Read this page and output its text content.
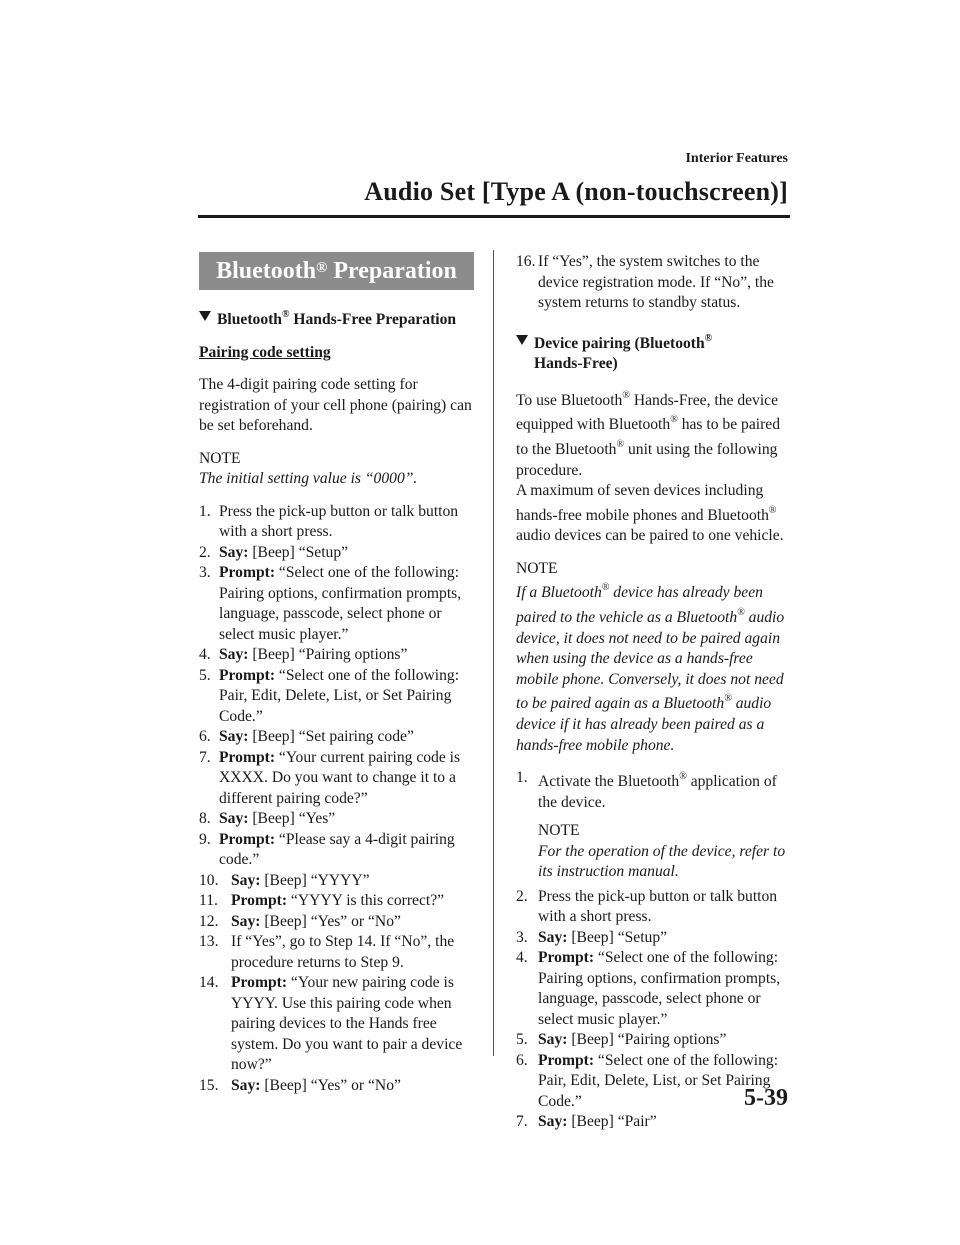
Interior Features
Audio Set [Type A (non-touchscreen)]
Bluetooth® Preparation
Bluetooth® Hands-Free Preparation
Pairing code setting

The 4-digit pairing code setting for registration of your cell phone (pairing) can be set beforehand.

NOTE

The initial setting value is “0000”.

1. Press the pick-up button or talk button with a short press.
2. Say: [Beep] “Setup”
3. Prompt: “Select one of the following: Pairing options, confirmation prompts, language, passcode, select phone or select music player.”
4. Say: [Beep] “Pairing options”
5. Prompt: “Select one of the following: Pair, Edit, Delete, List, or Set Pairing Code.”
6. Say: [Beep] “Set pairing code”
7. Prompt: “Your current pairing code is XXXX. Do you want to change it to a different pairing code?”
8. Say: [Beep] “Yes”
9. Prompt: “Please say a 4-digit pairing code.”
10. Say: [Beep] “YYYY”
11. Prompt: “YYYY is this correct?”
12. Say: [Beep] “Yes” or “No”
13. If “Yes”, go to Step 14. If “No”, the procedure returns to Step 9.
14. Prompt: “Your new pairing code is YYYY. Use this pairing code when pairing devices to the Hands free system. Do you want to pair a device now?”
15. Say: [Beep] “Yes” or “No”
16. If “Yes”, the system switches to the device registration mode. If “No”, the system returns to standby status.
Device pairing (Bluetooth®
Hands-Free)

To use Bluetooth® Hands-Free, the device equipped with Bluetooth® has to be paired to the Bluetooth® unit using the following procedure.

A maximum of seven devices including hands-free mobile phones and Bluetooth® audio devices can be paired to one vehicle.

NOTE

If a Bluetooth® device has already been paired to the vehicle as a Bluetooth® audio device, it does not need to be paired again when using the device as a hands-free mobile phone. Conversely, it does not need to be paired again as a Bluetooth® audio device if it has already been paired as a hands-free mobile phone.

1. Activate the Bluetooth® application of the device.
NOTE

For the operation of the device, refer to its instruction manual.

2. Press the pick-up button or talk button with a short press.
3. Say: [Beep] “Setup”
4. Prompt: “Select one of the following: Pairing options, confirmation prompts, language, passcode, select phone or select music player.”
5. Say: [Beep] “Pairing options”
6. Prompt: “Select one of the following: Pair, Edit, Delete, List, or Set Pairing Code.”
7. Say: [Beep] “Pair”
5-39
